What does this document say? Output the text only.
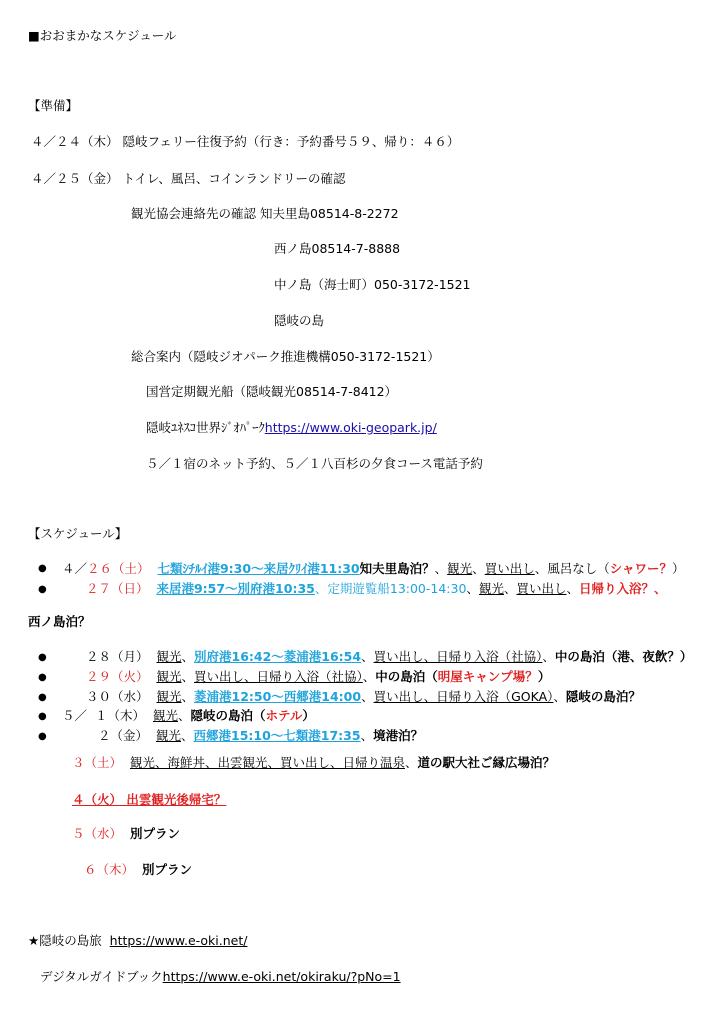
■おおまかなスケジュール
【準備】
４／２４（木） 隠岐フェリー往復予約（行き：予約番号５９、帰り：４６）
４／２５（金） トイレ、風呂、コインランドリーの確認
観光協会連絡先の確認 知夫里島08514-8-2272
西ノ島08514-7-8888
中ノ島（海士町）050-3172-1521
隠岐の島
総合案内（隠岐ジオパーク推進機構050-3172-1521）
国営定期観光船（隠岐観光08514-7-8412）
隠岐ﾕﾈｽｺ世界ｼﾞｵﾊﾟｰｸhttps://www.oki-geopark.jp/
５／１宿のネット予約、５／１八百杉の夕食コース電話予約
【スケジュール】
● ４／２６（土） 七類ｼﾁﾙｲ港9:30～来居ｸﾘｲ港11:30知夫里島泊？、観光、買い出し、風呂なし（シャワー？）
●	２７（日） 来居港9:57～別府港10:35、定期遊覧船13:00-14:30、観光、買い出し、日帰り入浴？、
西ノ島泊？
●	２８（月） 観光、別府港16:42～菱浦港16:54、買い出し、日帰り入浴（社協）、中の島泊（港、夜飲？）
●	２９（火） 観光、買い出し、日帰り入浴（社協）、中の島泊（明屋キャンプ場？）
●	３０（水） 観光、菱浦港12:50～西郷港14:00、買い出し、日帰り入浴（GOKA）、隠岐の島泊？
● ５／ １（木） 観光、隠岐の島泊（ホテル）
●	２（金） 観光、西郷港15:10～七類港17:35、境港泊？
３（土） 観光、海鮮丼、出雲観光、買い出し、日帰り温泉、道の駅大社ご縁広場泊？
４（火） 出雲観光後帰宅？
５（水） 別プラン
６（木） 別プラン
★隠岐の島旅 https://www.e-oki.net/
デジタルガイドブックhttps://www.e-oki.net/okiraku/?pNo=1
